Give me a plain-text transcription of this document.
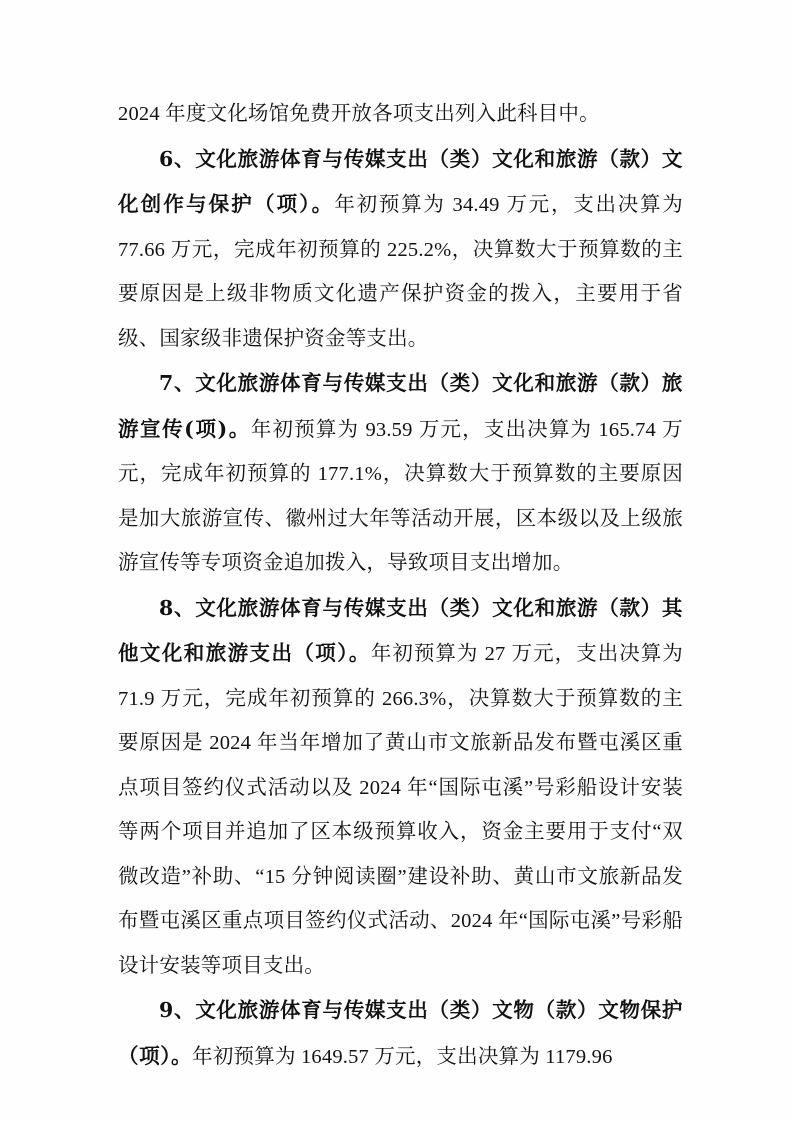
2024 年度文化场馆免费开放各项支出列入此科目中。

6、文化旅游体育与传媒支出（类）文化和旅游（款）文化创作与保护（项）。年初预算为 34.49 万元，支出决算为 77.66 万元，完成年初预算的 225.2%，决算数大于预算数的主要原因是上级非物质文化遗产保护资金的拨入，主要用于省级、国家级非遗保护资金等支出。

7、文化旅游体育与传媒支出（类）文化和旅游（款）旅游宣传(项)。年初预算为 93.59 万元，支出决算为 165.74 万元，完成年初预算的 177.1%，决算数大于预算数的主要原因是加大旅游宣传、徽州过大年等活动开展，区本级以及上级旅游宣传等专项资金追加拨入，导致项目支出增加。

8、文化旅游体育与传媒支出（类）文化和旅游（款）其他文化和旅游支出（项）。年初预算为 27 万元，支出决算为 71.9 万元，完成年初预算的 266.3%，决算数大于预算数的主要原因是 2024 年当年增加了黄山市文旅新品发布暨屯溪区重点项目签约仪式活动以及 2024 年“国际屯溪”号彩船设计安装等两个项目并追加了区本级预算收入，资金主要用于支付“双微改造”补助、“15 分钟阅读圈”建设补助、黄山市文旅新品发布暨屯溪区重点项目签约仪式活动、2024 年“国际屯溪”号彩船设计安装等项目支出。

9、文化旅游体育与传媒支出（类）文物（款）文物保护（项）。年初预算为 1649.57 万元，支出决算为 1179.96
